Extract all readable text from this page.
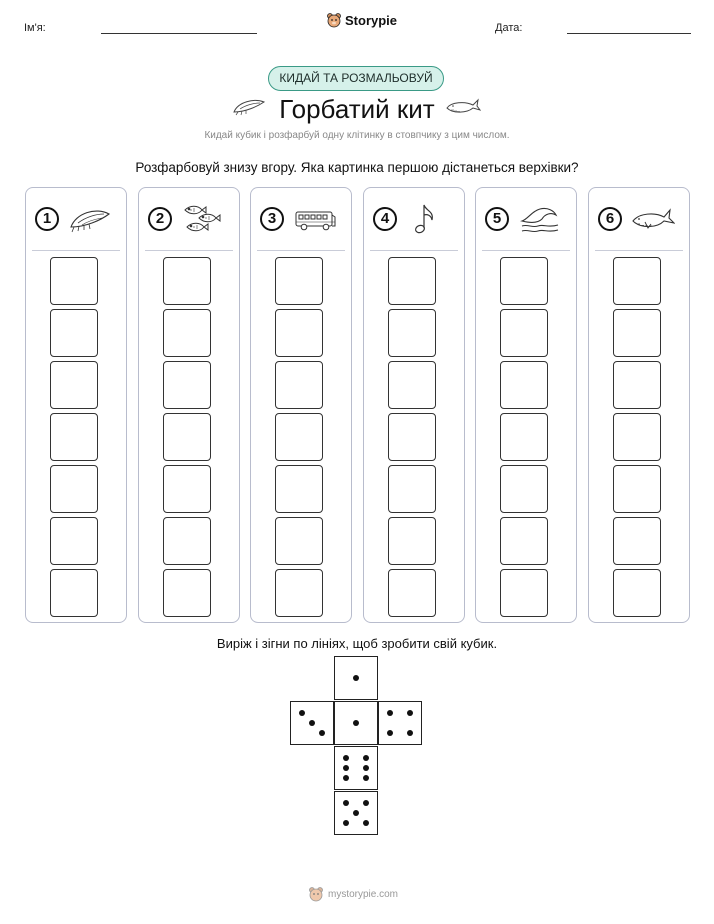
Ім'я:
Storypie
Дата:
КИДАЙ ТА РОЗМАЛЬОВУЙ
Горбатий кит
Кидай кубик і розфарбуй одну клітинку в стовпчику з цим числом.
Розфарбовуй знизу вгору. Яка картинка першою дістанеться верхівки?
1	2	3	4	5	6
Виріж і зігни по лініях, щоб зробити свій кубик.
mystorypie.com
